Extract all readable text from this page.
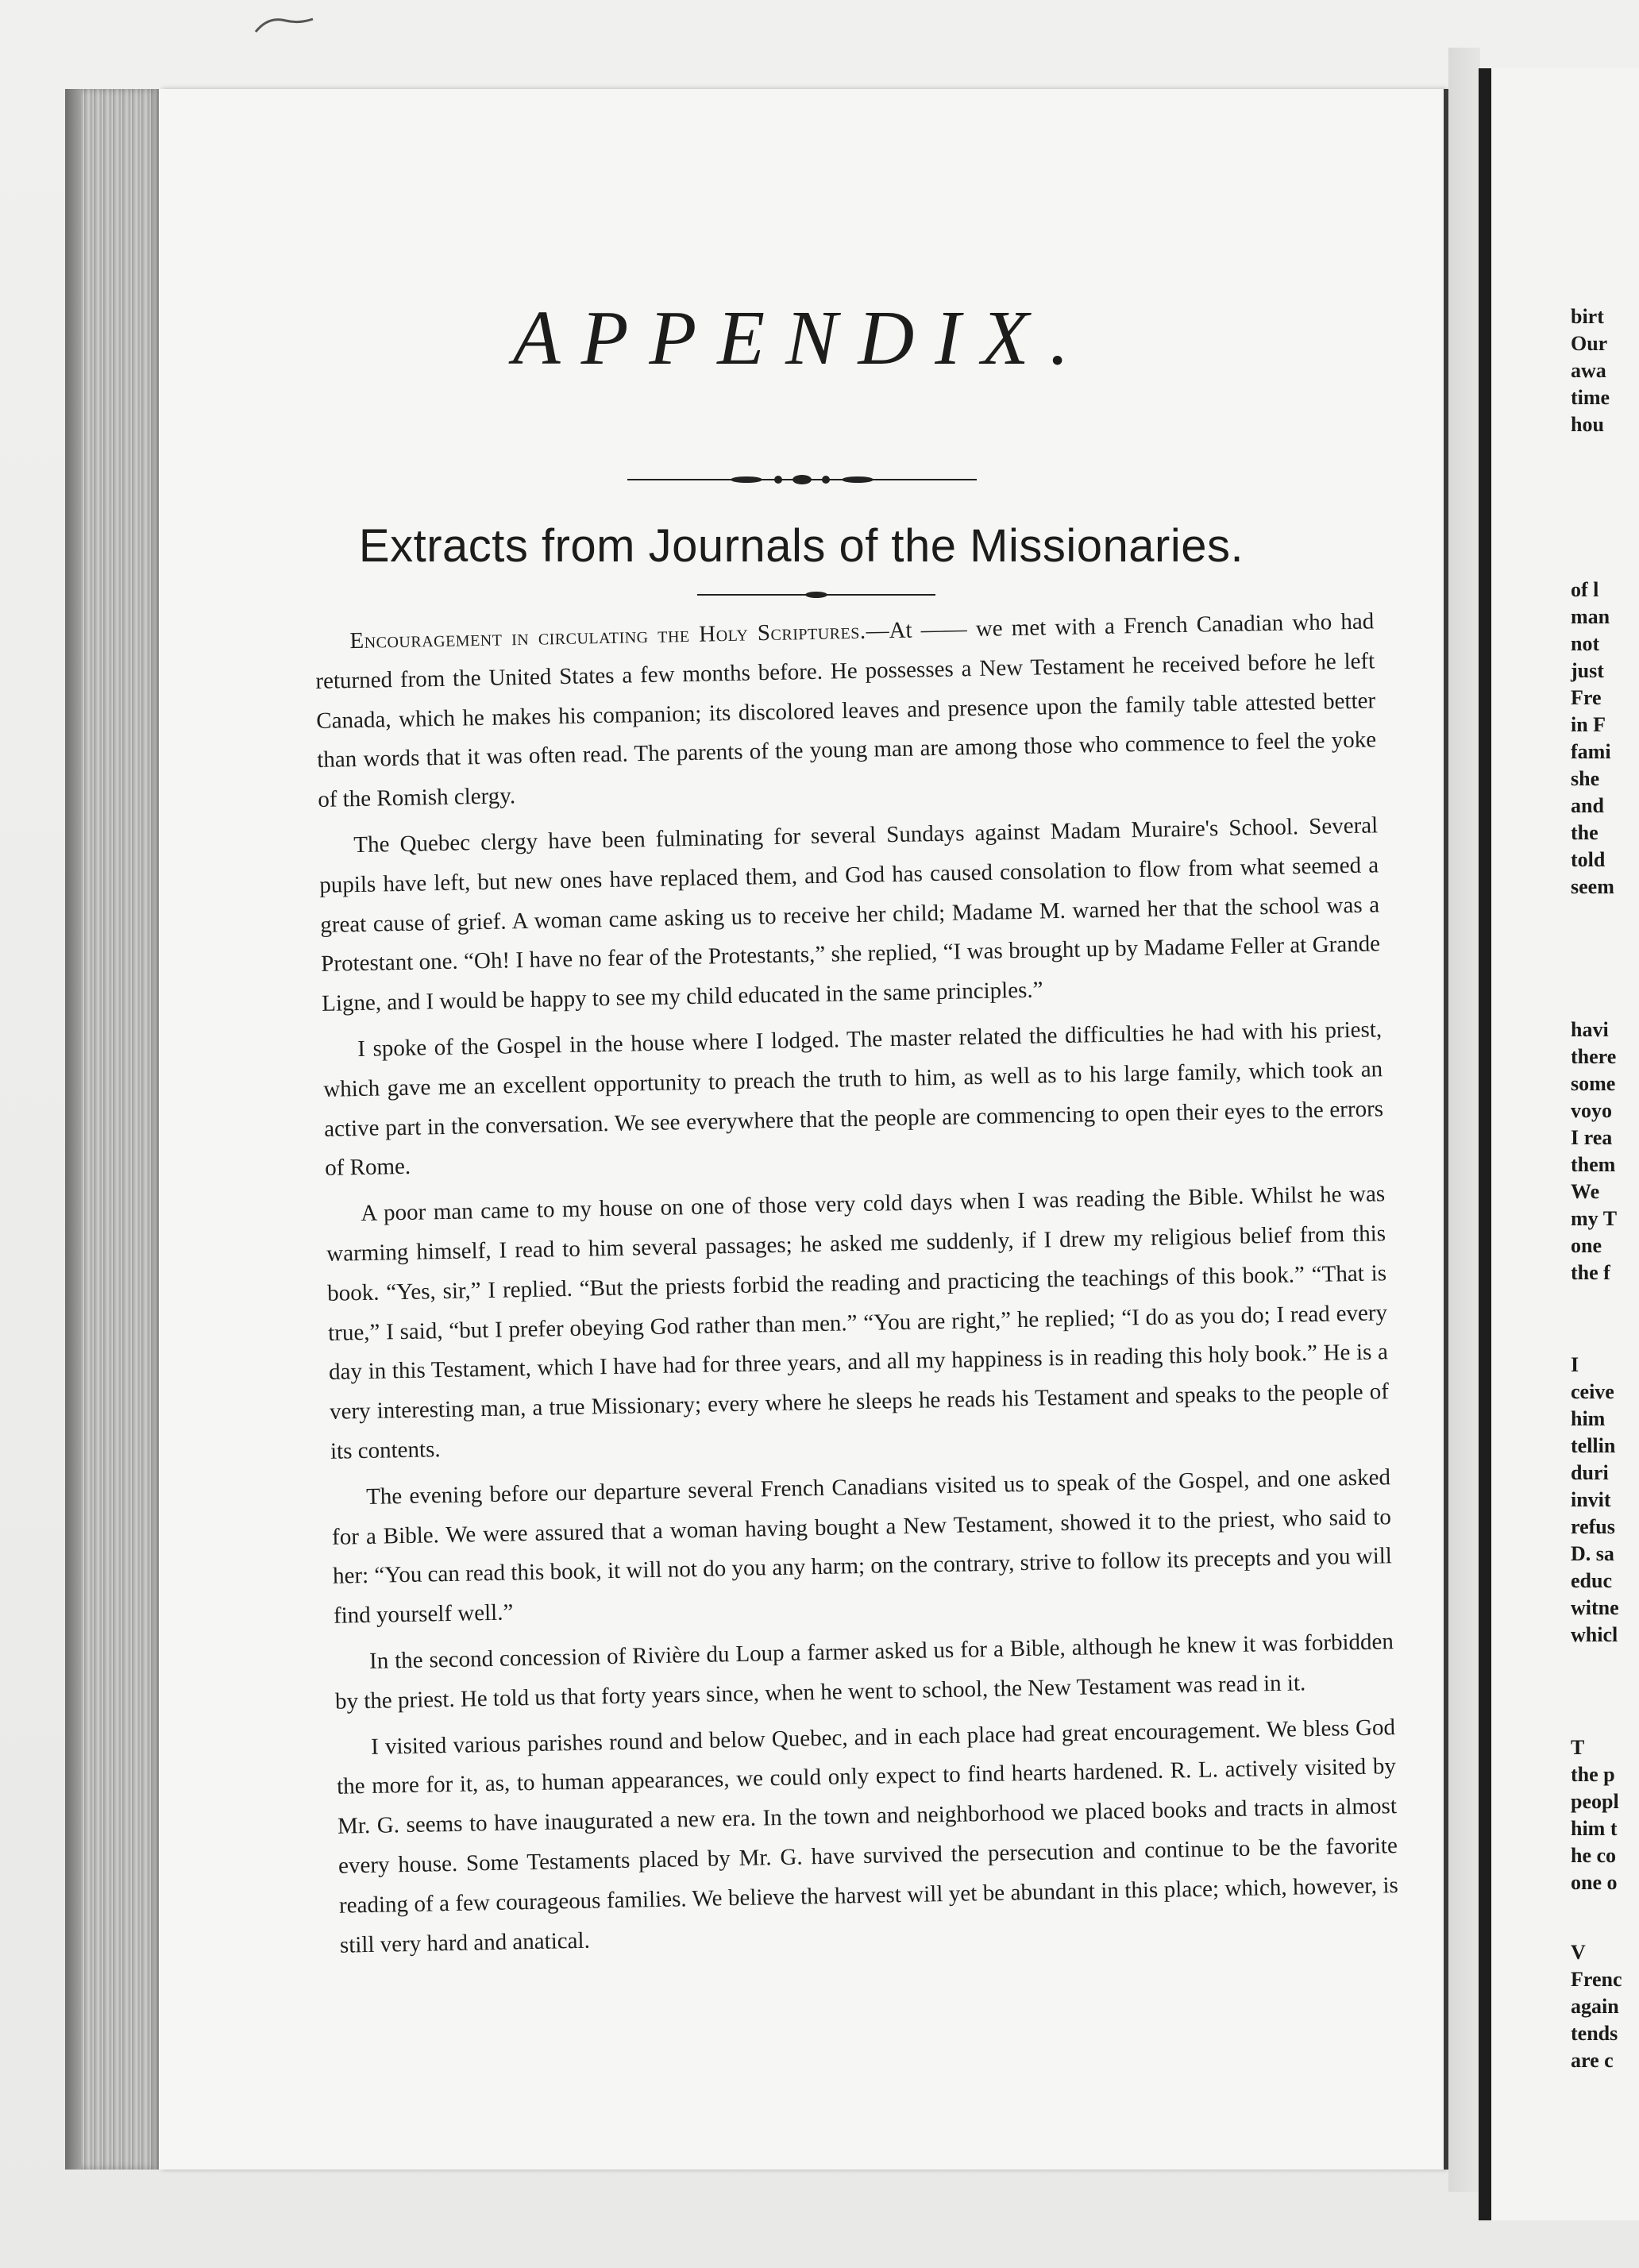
birt
Our
awa
time
hou
of l
man
not
just
Fre
in F
fami
she
and
the
told
seem
havi
there
some
voyo
I rea
them
We
my T
one
the f
I
ceive
him
tellin
duri
invit
refus
D. sa
educ
witne
whicl
T
the p
peopl
him t
he co
one o
V
Frenc
again
tends
are c
APPENDIX.
Extracts from Journals of the Missionaries.

Encouragement in circulating the Holy Scriptures.—At —— we met with a French Canadian who had returned from the United States a few months before. He possesses a New Testament he received before he left Canada, which he makes his companion; its discolored leaves and presence upon the family table attested better than words that it was often read. The parents of the young man are among those who commence to feel the yoke of the Romish clergy.

The Quebec clergy have been fulminating for several Sundays against Madam Muraire's School. Several pupils have left, but new ones have replaced them, and God has caused consolation to flow from what seemed a great cause of grief. A woman came asking us to receive her child; Madame M. warned her that the school was a Protestant one. “Oh! I have no fear of the Protestants,” she replied, “I was brought up by Madame Feller at Grande Ligne, and I would be happy to see my child educated in the same principles.”

I spoke of the Gospel in the house where I lodged. The master related the difficulties he had with his priest, which gave me an excellent opportunity to preach the truth to him, as well as to his large family, which took an active part in the conversation. We see everywhere that the people are commencing to open their eyes to the errors of Rome.

A poor man came to my house on one of those very cold days when I was reading the Bible. Whilst he was warming himself, I read to him several passages; he asked me suddenly, if I drew my religious belief from this book. “Yes, sir,” I replied. “But the priests forbid the reading and practicing the teachings of this book.” “That is true,” I said, “but I prefer obeying God rather than men.” “You are right,” he replied; “I do as you do; I read every day in this Testament, which I have had for three years, and all my happiness is in reading this holy book.” He is a very interesting man, a true Missionary; every where he sleeps he reads his Testament and speaks to the people of its contents.

The evening before our departure several French Canadians visited us to speak of the Gospel, and one asked for a Bible. We were assured that a woman having bought a New Testament, showed it to the priest, who said to her: “You can read this book, it will not do you any harm; on the contrary, strive to follow its precepts and you will find yourself well.”

In the second concession of Rivière du Loup a farmer asked us for a Bible, although he knew it was forbidden by the priest. He told us that forty years since, when he went to school, the New Testament was read in it.

I visited various parishes round and below Quebec, and in each place had great encouragement. We bless God the more for it, as, to human appearances, we could only expect to find hearts hardened. R. L. actively visited by Mr. G. seems to have inaugurated a new era. In the town and neighborhood we placed books and tracts in almost every house. Some Testaments placed by Mr. G. have survived the persecution and continue to be the favorite reading of a few courageous families. We believe the harvest will yet be abundant in this place; which, however, is still very hard and anatical.
